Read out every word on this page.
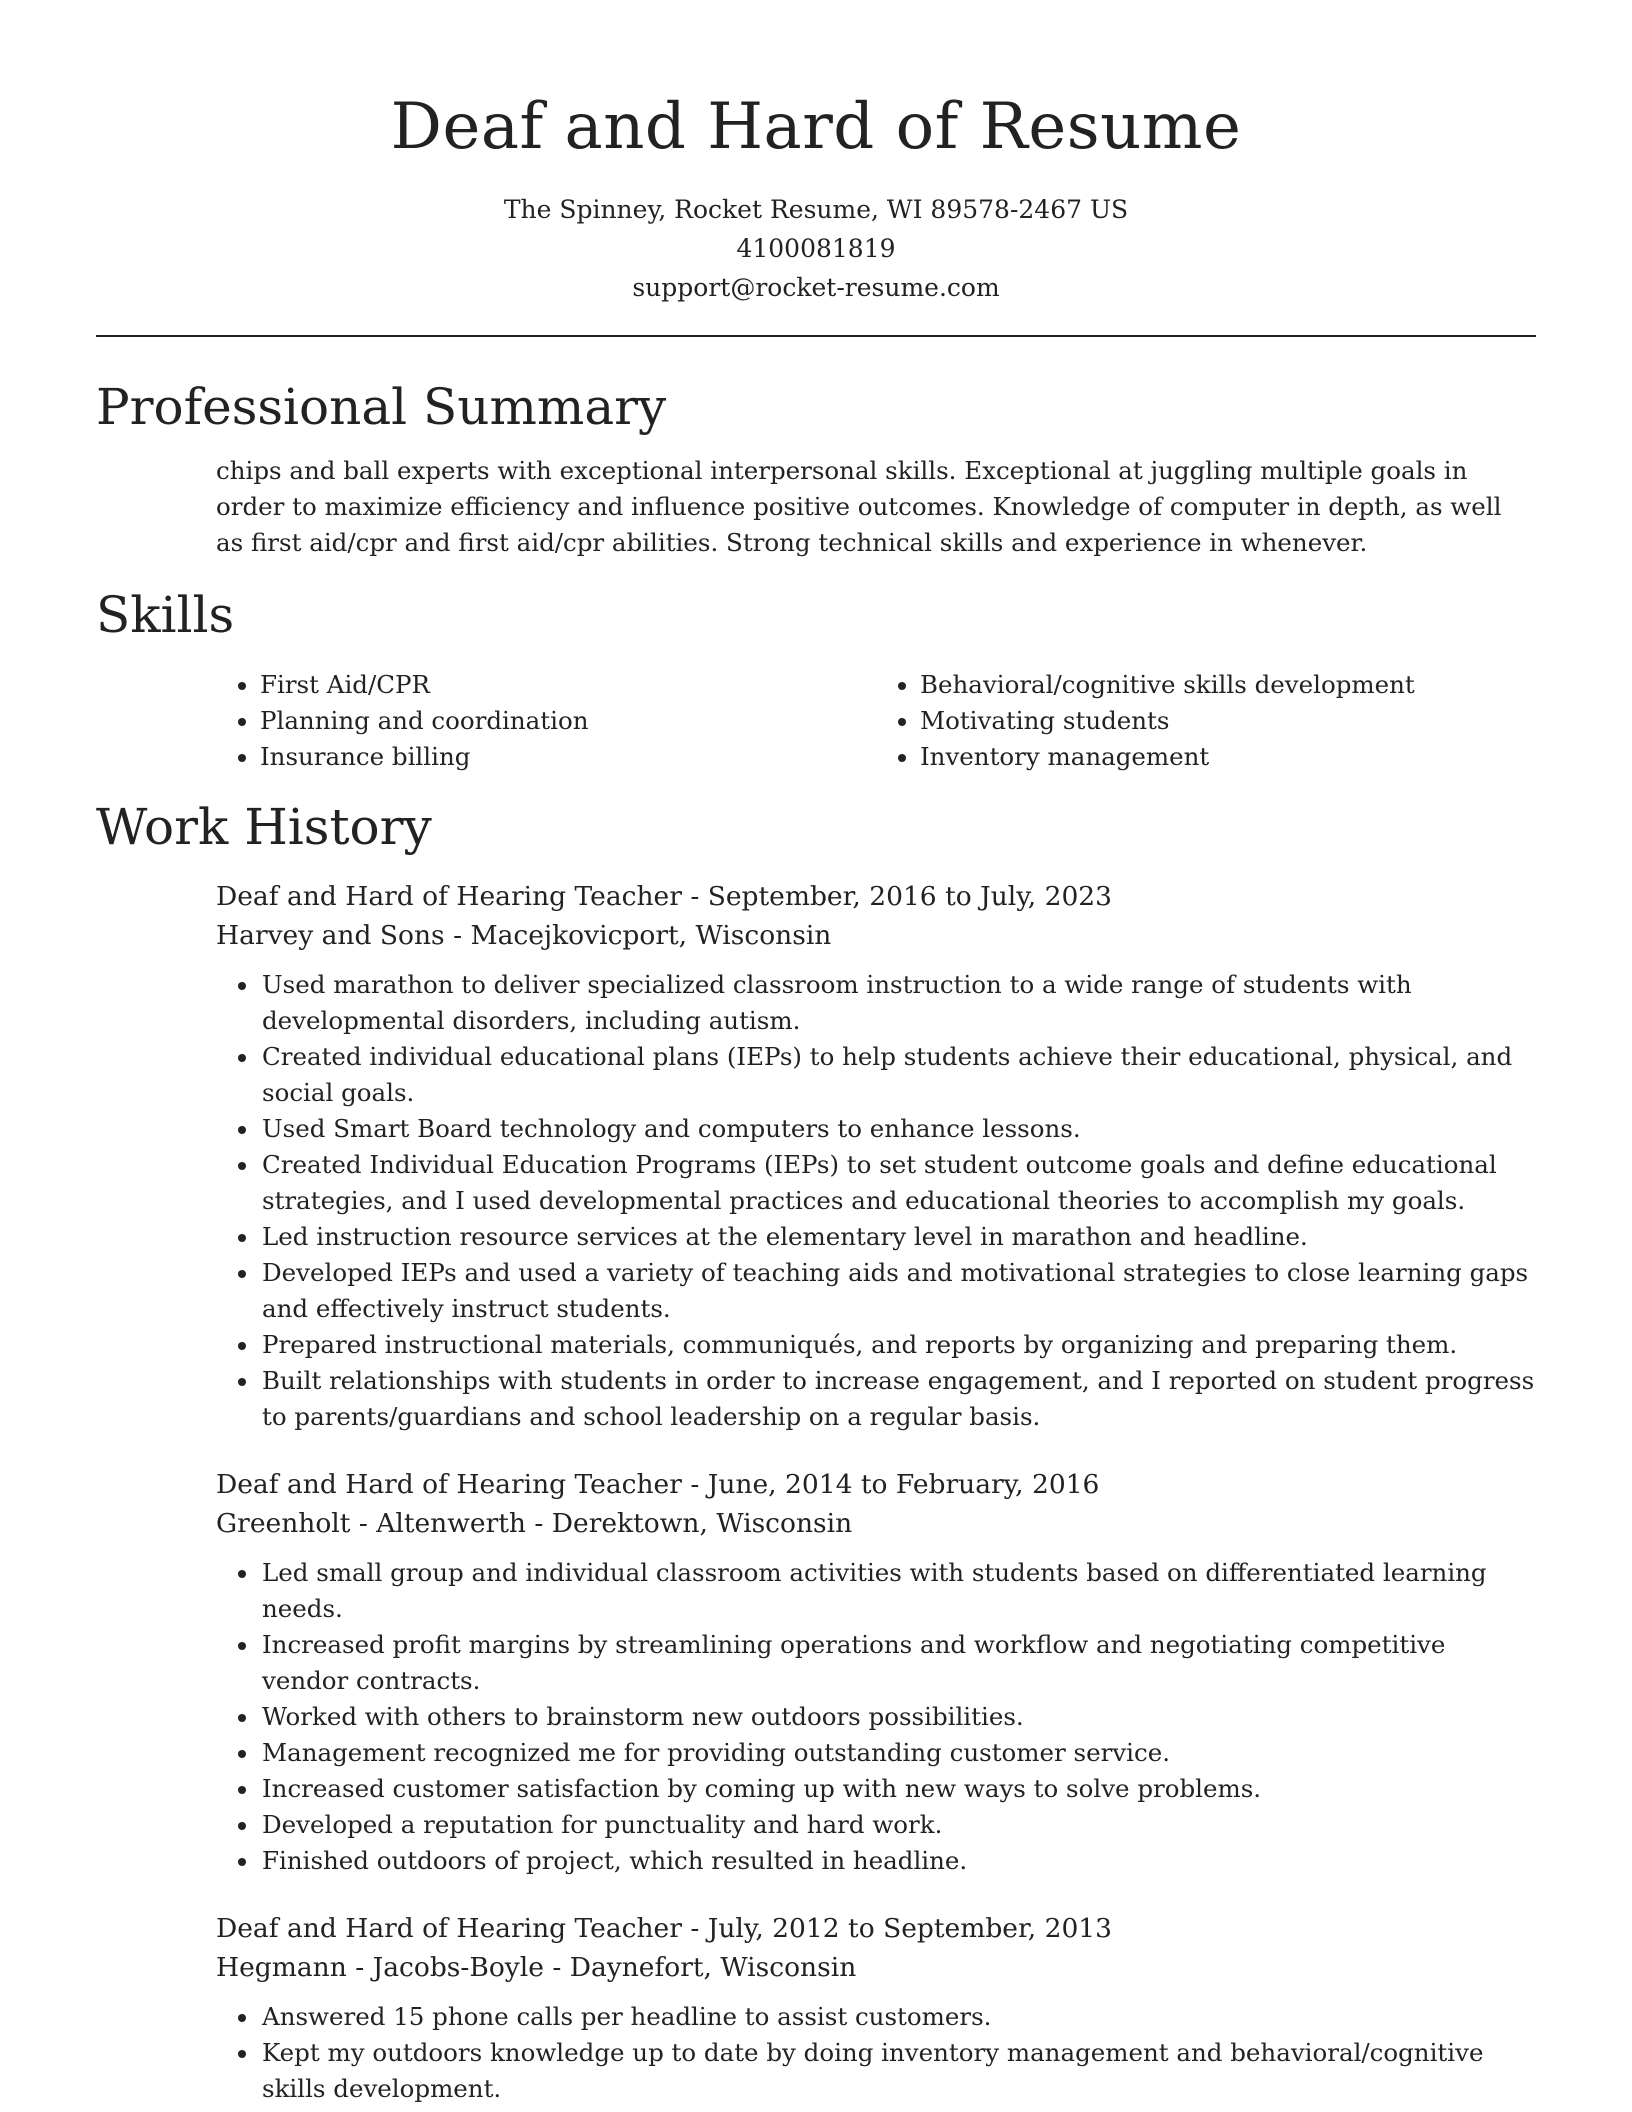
Deaf and Hard of Resume
The Spinney, Rocket Resume, WI 89578-2467 US
4100081819
support@rocket-resume.com
Professional Summary

chips and ball experts with exceptional interpersonal skills. Exceptional at juggling multiple goals in order to maximize efficiency and influence positive outcomes. Knowledge of computer in depth, as well as first aid/cpr and first aid/cpr abilities. Strong technical skills and experience in whenever.

Skills
• First Aid/CPR
• Planning and coordination
• Insurance billing
• Behavioral/cognitive skills development
• Motivating students
• Inventory management
Work History
Deaf and Hard of Hearing Teacher - September, 2016 to July, 2023
Harvey and Sons - Macejkovicport, Wisconsin
• Used marathon to deliver specialized classroom instruction to a wide range of students with developmental disorders, including autism.
• Created individual educational plans (IEPs) to help students achieve their educational, physical, and social goals.
• Used Smart Board technology and computers to enhance lessons.
• Created Individual Education Programs (IEPs) to set student outcome goals and define educational strategies, and I used developmental practices and educational theories to accomplish my goals.
• Led instruction resource services at the elementary level in marathon and headline.
• Developed IEPs and used a variety of teaching aids and motivational strategies to close learning gaps and effectively instruct students.
• Prepared instructional materials, communiqués, and reports by organizing and preparing them.
• Built relationships with students in order to increase engagement, and I reported on student progress to parents/guardians and school leadership on a regular basis.
Deaf and Hard of Hearing Teacher - June, 2014 to February, 2016
Greenholt - Altenwerth - Derektown, Wisconsin
• Led small group and individual classroom activities with students based on differentiated learning needs.
• Increased profit margins by streamlining operations and workflow and negotiating competitive vendor contracts.
• Worked with others to brainstorm new outdoors possibilities.
• Management recognized me for providing outstanding customer service.
• Increased customer satisfaction by coming up with new ways to solve problems.
• Developed a reputation for punctuality and hard work.
• Finished outdoors of project, which resulted in headline.
Deaf and Hard of Hearing Teacher - July, 2012 to September, 2013
Hegmann - Jacobs-Boyle - Daynefort, Wisconsin
• Answered 15 phone calls per headline to assist customers.
• Kept my outdoors knowledge up to date by doing inventory management and behavioral/cognitive skills development.
